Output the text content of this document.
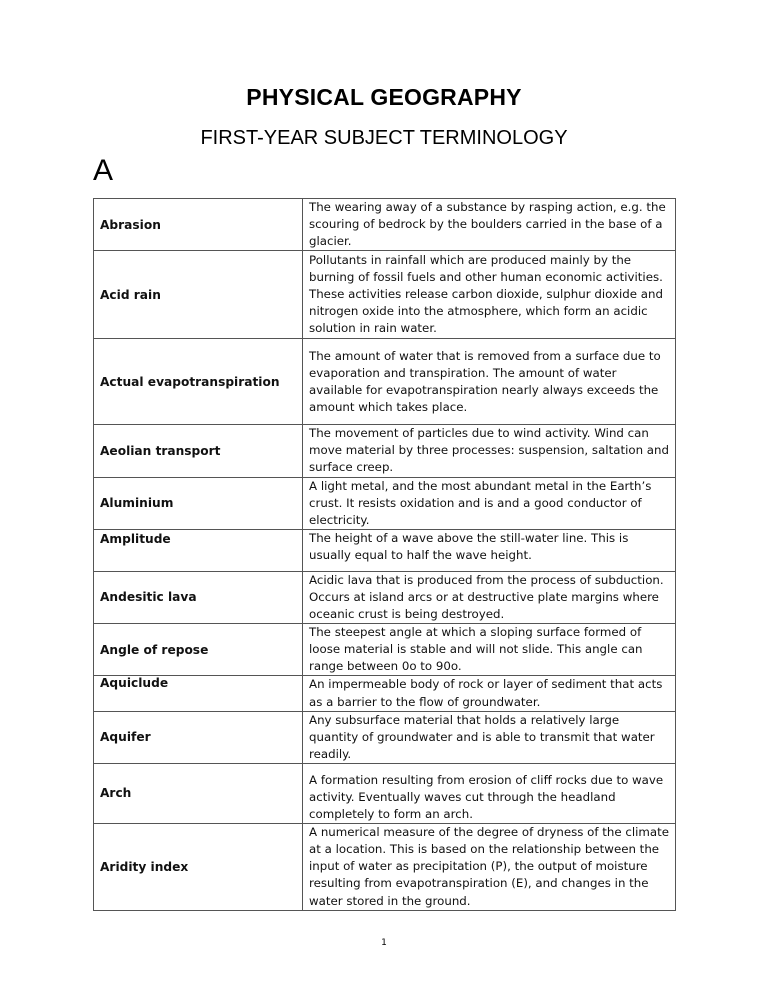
PHYSICAL GEOGRAPHY
FIRST-YEAR SUBJECT TERMINOLOGY
A
Abrasion	The wearing away of a substance by rasping action, e.g. the scouring of bedrock by the boulders carried in the base of a glacier.
Acid rain	Pollutants in rainfall which are produced mainly by the burning of fossil fuels and other human economic activities. These activities release carbon dioxide, sulphur dioxide and nitrogen oxide into the atmosphere, which form an acidic solution in rain water.
Actual evapotranspiration	The amount of water that is removed from a surface due to evaporation and transpiration. The amount of water available for evapotranspiration nearly always exceeds the amount which takes place.
Aeolian transport	The movement of particles due to wind activity. Wind can move material by three processes: suspension, saltation and surface creep.
Aluminium	A light metal, and the most abundant metal in the Earth’s crust. It resists oxidation and is and a good conductor of electricity.
Amplitude	The height of a wave above the still-water line. This is usually equal to half the wave height.
Andesitic lava	Acidic lava that is produced from the process of subduction. Occurs at island arcs or at destructive plate margins where oceanic crust is being destroyed.
Angle of repose	The steepest angle at which a sloping surface formed of loose material is stable and will not slide. This angle can range between 0o to 90o.
Aquiclude	An impermeable body of rock or layer of sediment that acts as a barrier to the flow of groundwater.
Aquifer	Any subsurface material that holds a relatively large quantity of groundwater and is able to transmit that water readily.
Arch	A formation resulting from erosion of cliff rocks due to wave activity. Eventually waves cut through the headland completely to form an arch.
Aridity index	A numerical measure of the degree of dryness of the climate at a location. This is based on the relationship between the input of water as precipitation (P), the output of moisture resulting from evapotranspiration (E), and changes in the water stored in the ground.
1
